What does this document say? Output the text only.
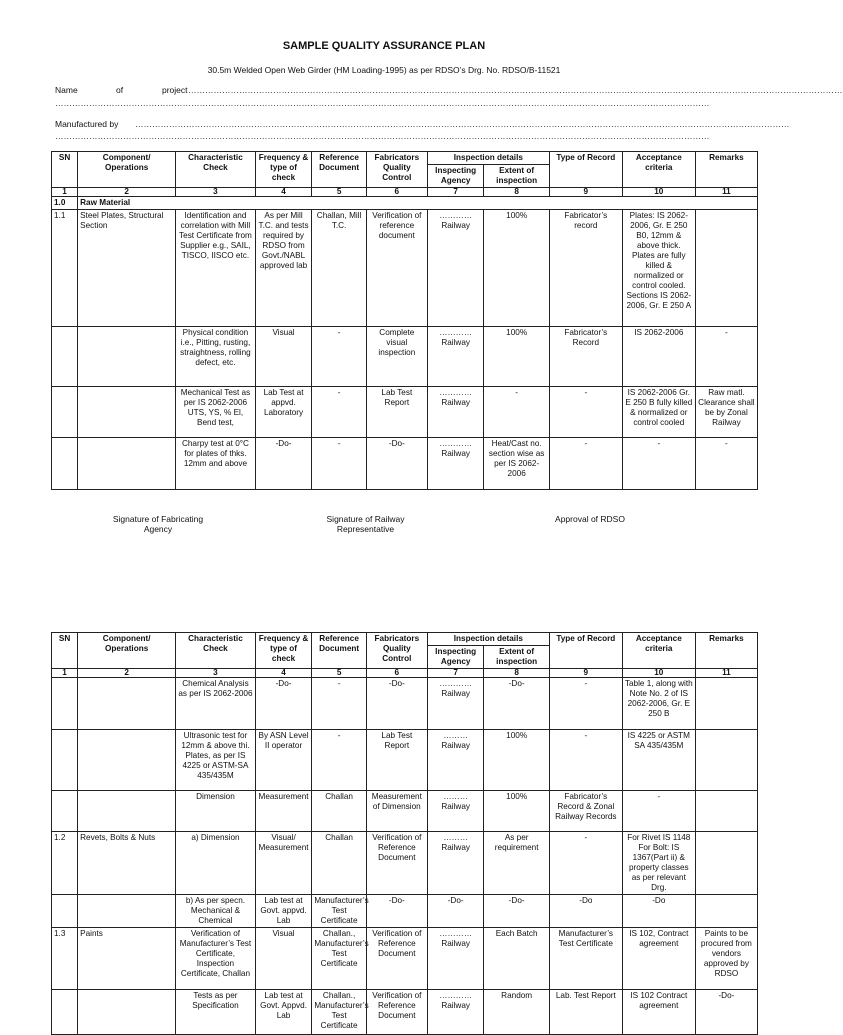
SAMPLE QUALITY ASSURANCE PLAN
30.5m Welded Open Web Girder (HM Loading-1995) as per RDSO’s Drg. No. RDSO/B-11521
Name	of	project ……………………………………………………………………………………………………………………………………………………………………………………………………………
……………………………………………………………………………………………………………………………………………………………………………………………………………
Manufactured by ……………………………………………………………………………………………………………………………………………………………………………………………………………
……………………………………………………………………………………………………………………………………………………………………………………………………………
SN	Component/ Operations	Characteristic Check	Frequency & type of check	Reference Document	Fabricators Quality Control	Inspection details		Type of Record	Acceptance criteria	Remarks
						Inspecting Agency	Extent of inspection			
1	2	3	4	5	6	7	8	9	10	11
1.0	Raw Material									
1.1	Steel Plates, Structural Section	Identification and correlation with Mill Test Certificate from Supplier e.g., SAIL, TISCO, IISCO etc.	As per Mill T.C. and tests required by RDSO from Govt./NABL approved lab	Challan, Mill T.C.	Verification of reference document	………… Railway	100%	Fabricator’s record	Plates: IS 2062-2006, Gr. E 250 B0, 12mm & above thick. Plates are fully killed & normalized or control cooled. Sections IS 2062-2006, Gr. E 250 A	
		Physical condition i.e., Pitting, rusting, straightness, rolling defect, etc.	Visual	-	Complete visual inspection	………… Railway	100%	Fabricator’s Record	IS 2062-2006	-
		Mechanical Test as per IS 2062-2006 UTS, YS, % El, Bend test,	Lab Test at appvd. Laboratory	-	Lab Test Report	………… Railway	-	-	IS 2062-2006 Gr. E 250 B fully killed & normalized or control cooled	Raw matl. Clearance shall be by Zonal Railway
		Charpy test at 0°C for plates of thks. 12mm and above	-Do-	-	-Do-	………… Railway	Heat/Cast no. section wise as per IS 2062-2006	-	-	-
Signature of Fabricating Agency
Signature of Railway Representative
Approval of RDSO
SN	Component/ Operations	Characteristic Check	Frequency & type of check	Reference Document	Fabricators Quality Control	Inspection details		Type of Record	Acceptance criteria	Remarks
						Inspecting Agency	Extent of inspection			
1	2	3	4	5	6	7	8	9	10	11
		Chemical Analysis as per IS 2062-2006	-Do-	-	-Do-	………… Railway	-Do-	-	Table 1, along with Note No. 2 of IS 2062-2006, Gr. E 250 B	
		Ultrasonic test for 12mm & above thi. Plates, as per IS 4225 or ASTM-SA 435/435M	By ASN Level II operator	-	Lab Test Report	……… Railway	100%	-	IS 4225 or ASTM SA 435/435M	
		Dimension	Measurement	Challan	Measurement of Dimension	……… Railway	100%	Fabricator’s Record & Zonal Railway Records	-	
1.2	Revets, Bolts & Nuts	a) Dimension	Visual/ Measurement	Challan	Verification of Reference Document	……… Railway	As per requirement	-	For Rivet IS 1148 For Bolt: IS 1367(Part ii) & property classes as per relevant Drg.	
		b) As per specn. Mechanical & Chemical	Lab test at Govt. appvd. Lab	Manufacturer’s Test Certificate	-Do-	-Do-	-Do-	-Do	-Do	
1.3	Paints	Verification of Manufacturer’s Test Certificate, Inspection Certificate, Challan	Visual	Challan., Manufacturer’s Test Certificate	Verification of Reference Document	………… Railway	Each Batch	Manufacturer’s Test Certificate	IS 102, Contract agreement	Paints to be procured from vendors approved by RDSO
		Tests as per Specification	Lab test at Govt. Appvd. Lab	Challan., Manufacturer’s Test Certificate	Verification of Reference Document	………… Railway	Random	Lab. Test Report	IS 102 Contract agreement	-Do-
